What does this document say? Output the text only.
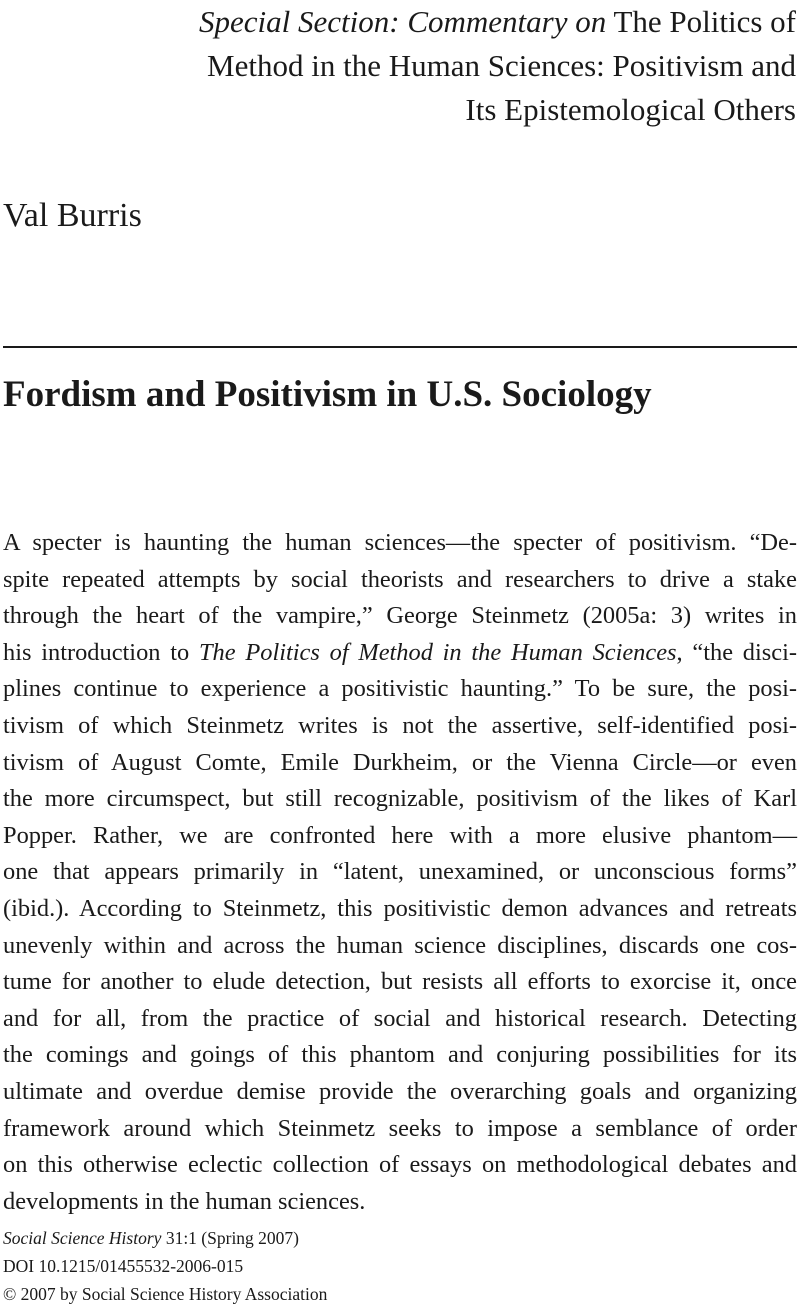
Special Section: Commentary on The Politics of
Method in the Human Sciences: Positivism and
Its Epistemological Others
Val Burris
Fordism and Positivism in U.S. Sociology
A specter is haunting the human sciences—the specter of positivism. “De-
spite repeated attempts by social theorists and researchers to drive a stake
through the heart of the vampire,” George Steinmetz (2005a: 3) writes in
his introduction to The Politics of Method in the Human Sciences, “the disci-
plines continue to experience a positivistic haunting.” To be sure, the posi-
tivism of which Steinmetz writes is not the assertive, self-identified posi-
tivism of August Comte, Emile Durkheim, or the Vienna Circle—or even
the more circumspect, but still recognizable, positivism of the likes of Karl
Popper. Rather, we are confronted here with a more elusive phantom—
one that appears primarily in “latent, unexamined, or unconscious forms”
(ibid.). According to Steinmetz, this positivistic demon advances and retreats
unevenly within and across the human science disciplines, discards one cos-
tume for another to elude detection, but resists all efforts to exorcise it, once
and for all, from the practice of social and historical research. Detecting
the comings and goings of this phantom and conjuring possibilities for its
ultimate and overdue demise provide the overarching goals and organizing
framework around which Steinmetz seeks to impose a semblance of order
on this otherwise eclectic collection of essays on methodological debates and
developments in the human sciences.
Social Science History 31:1 (Spring 2007)
DOI 10.1215/01455532-2006-015
© 2007 by Social Science History Association
